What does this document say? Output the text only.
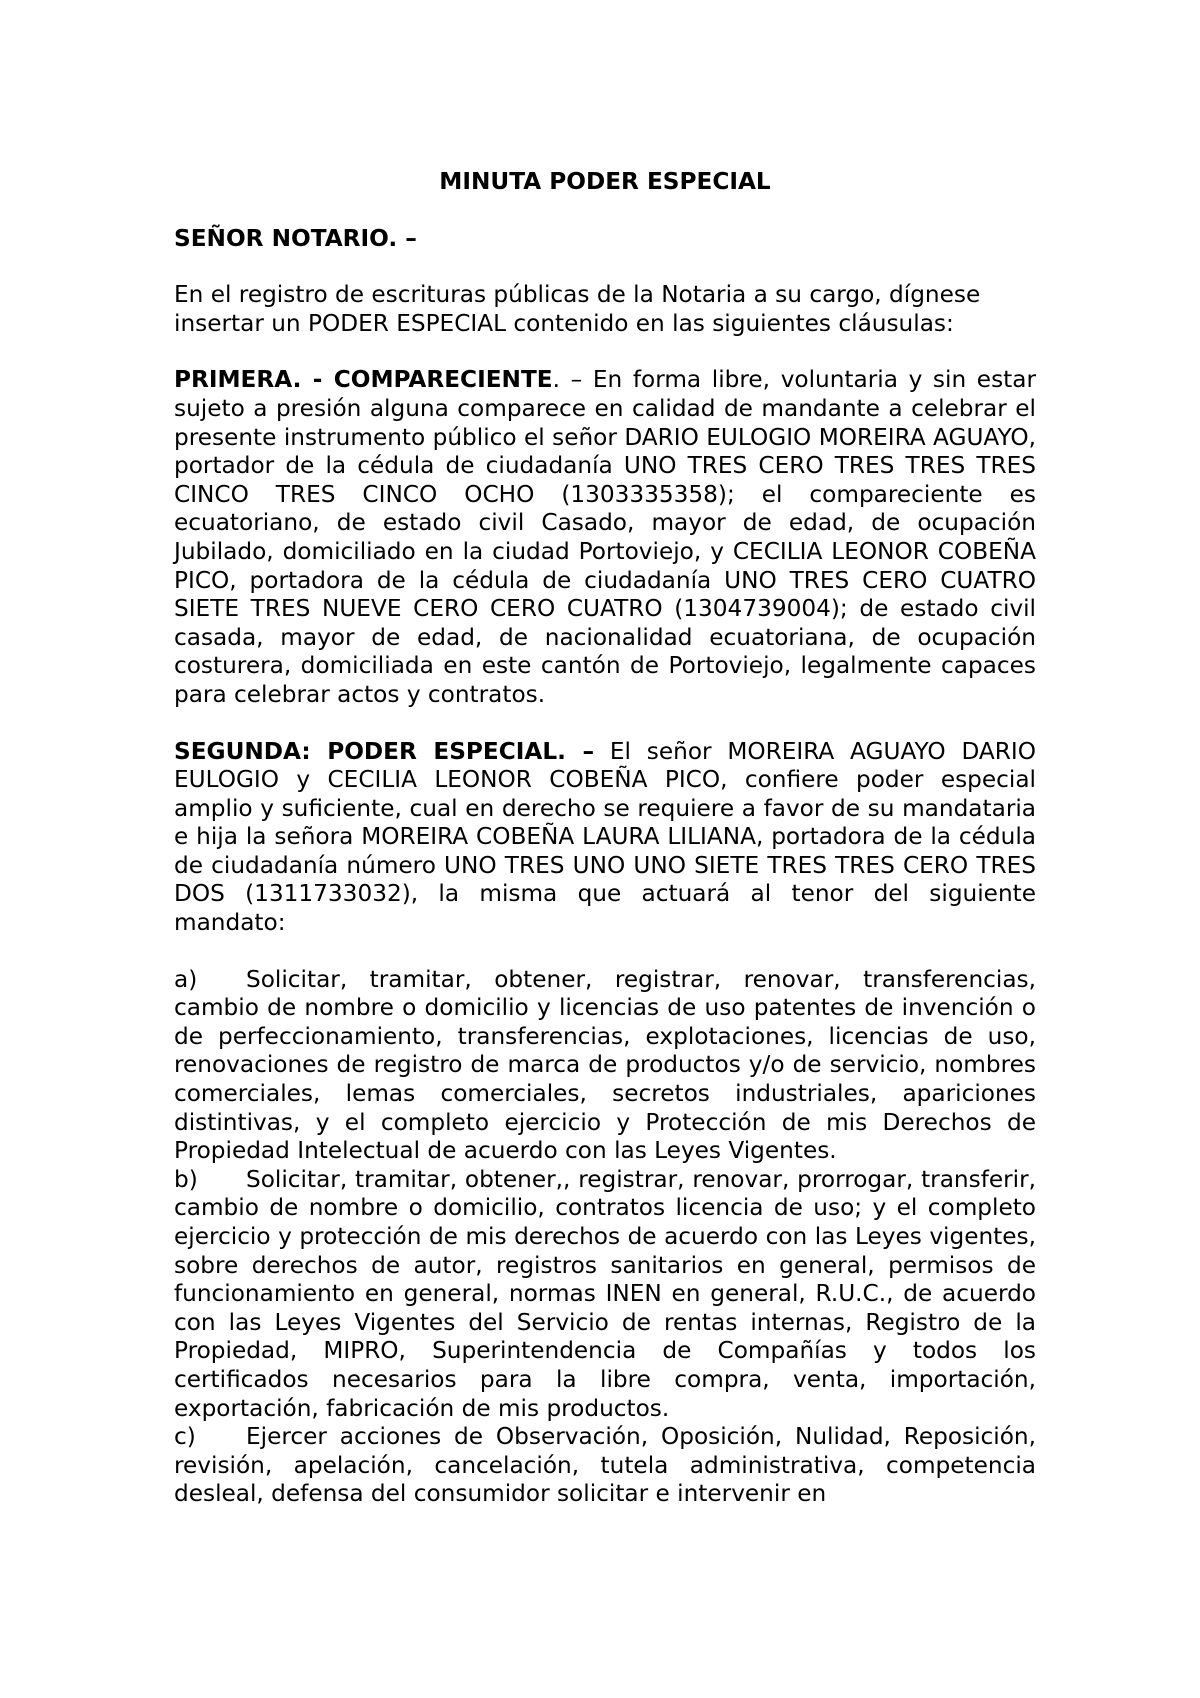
MINUTA PODER ESPECIAL

SEÑOR NOTARIO. –

En el registro de escrituras públicas de la Notaria a su cargo, dígnese insertar un PODER ESPECIAL contenido en las siguientes cláusulas:

PRIMERA. - COMPARECIENTE. – En forma libre, voluntaria y sin estar sujeto a presión alguna comparece en calidad de mandante a celebrar el presente instrumento público el señor DARIO EULOGIO MOREIRA AGUAYO, portador de la cédula de ciudadanía UNO TRES CERO TRES TRES TRES CINCO TRES CINCO OCHO (1303335358); el compareciente es ecuatoriano, de estado civil Casado, mayor de edad, de ocupación Jubilado, domiciliado en la ciudad Portoviejo, y CECILIA LEONOR COBEÑA PICO, portadora de la cédula de ciudadanía UNO TRES CERO CUATRO SIETE TRES NUEVE CERO CERO CUATRO (1304739004); de estado civil casada, mayor de edad, de nacionalidad ecuatoriana, de ocupación costurera, domiciliada en este cantón de Portoviejo, legalmente capaces para celebrar actos y contratos.

SEGUNDA: PODER ESPECIAL. – El señor MOREIRA AGUAYO DARIO EULOGIO y CECILIA LEONOR COBEÑA PICO, confiere poder especial amplio y suficiente, cual en derecho se requiere a favor de su mandataria e hija la señora MOREIRA COBEÑA LAURA LILIANA, portadora de la cédula de ciudadanía número UNO TRES UNO UNO SIETE TRES TRES CERO TRES DOS (1311733032), la misma que actuará al tenor del siguiente mandato:

a) Solicitar, tramitar, obtener, registrar, renovar, transferencias, cambio de nombre o domicilio y licencias de uso patentes de invención o de perfeccionamiento, transferencias, explotaciones, licencias de uso, renovaciones de registro de marca de productos y/o de servicio, nombres comerciales, lemas comerciales, secretos industriales, apariciones distintivas, y el completo ejercicio y Protección de mis Derechos de Propiedad Intelectual de acuerdo con las Leyes Vigentes.

b) Solicitar, tramitar, obtener,, registrar, renovar, prorrogar, transferir, cambio de nombre o domicilio, contratos licencia de uso; y el completo ejercicio y protección de mis derechos de acuerdo con las Leyes vigentes, sobre derechos de autor, registros sanitarios en general, permisos de funcionamiento en general, normas INEN en general, R.U.C., de acuerdo con las Leyes Vigentes del Servicio de rentas internas, Registro de la Propiedad, MIPRO, Superintendencia de Compañías y todos los certificados necesarios para la libre compra, venta, importación, exportación, fabricación de mis productos.

c) Ejercer acciones de Observación, Oposición, Nulidad, Reposición, revisión, apelación, cancelación, tutela administrativa, competencia desleal, defensa del consumidor solicitar e intervenir en
